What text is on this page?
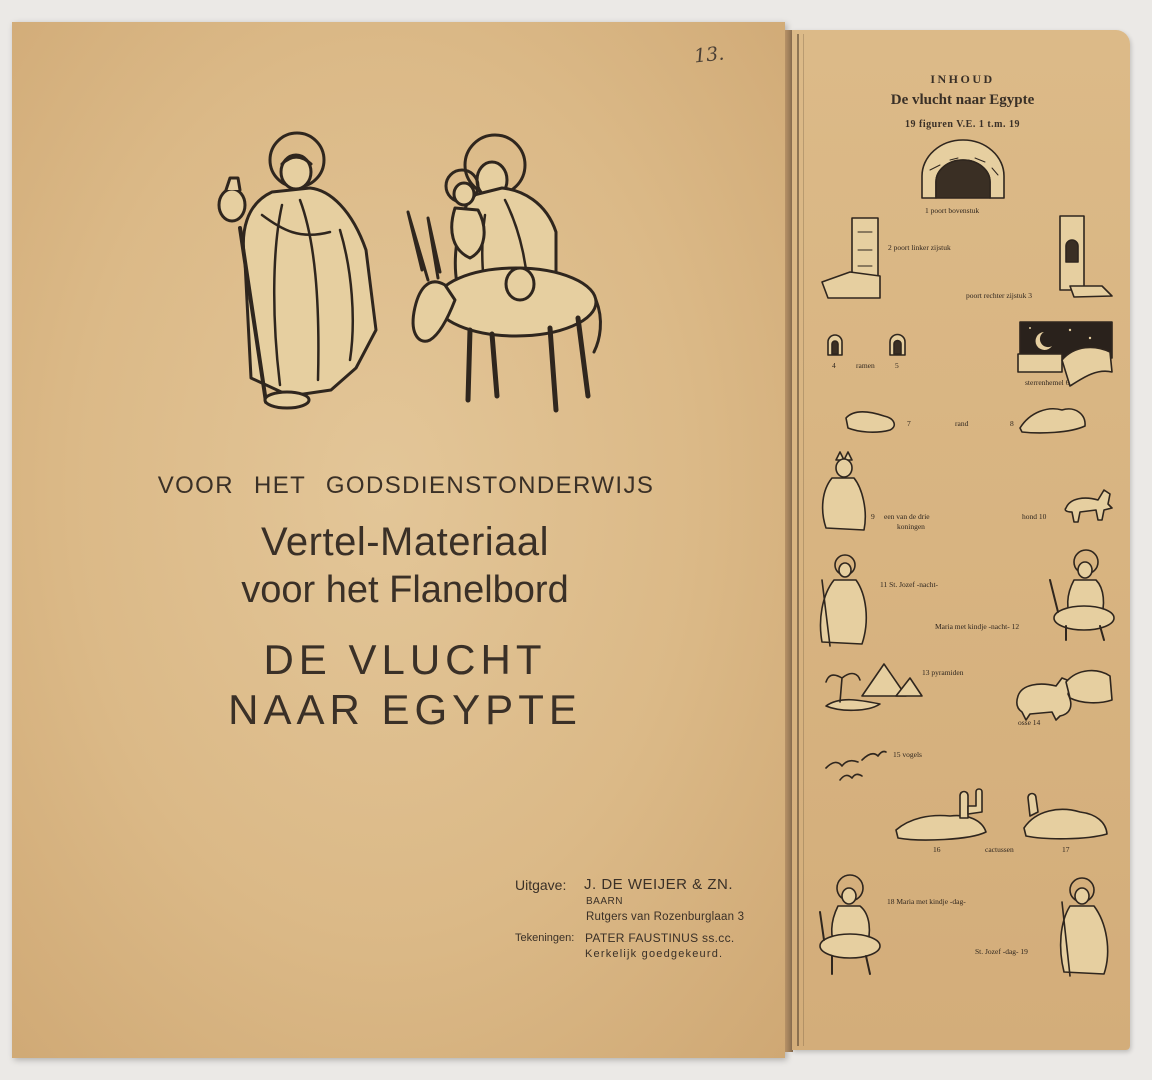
13.
VOOR HET GODSDIENSTONDERWIJS
Vertel-Materiaal
voor het Flanelbord
DE VLUCHT
NAAR EGYPTE
Uitgave: J. DE WEIJER & ZN.
BAARN
Rutgers van Rozenburglaan 3
Tekeningen: PATER FAUSTINUS ss.cc.
Kerkelijk goedgekeurd.
INHOUD
De vlucht naar Egypte
19 figuren V.E. 1 t.m. 19
1 poort bovenstuk
2 poort linker zijstuk
poort rechter zijstuk 3
4	ramen	5
sterrenhemel 6
7	rand	8
9 een van de drie
koningen
hond 10
11 St. Jozef -nacht-
Maria met kindje -nacht- 12
13 pyramiden
osse 14
15 vogels
16	cactussen	17
18 Maria met kindje -dag-
St. Jozef -dag- 19
